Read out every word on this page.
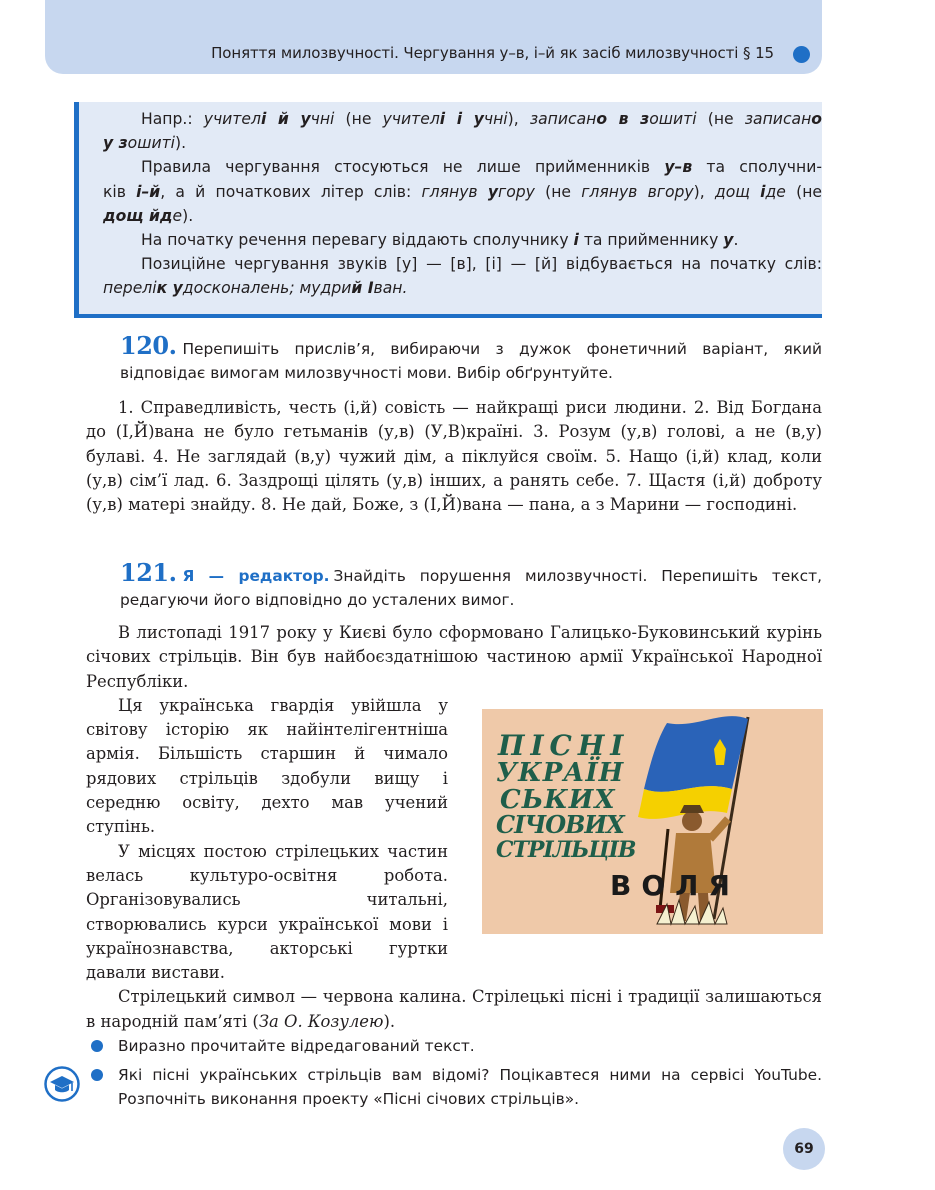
Поняття милозвучності. Чергування у–в, і–й як засіб милозвучності § 15

Напр.: учителі й учні (не учителі і учні), записано в зошиті (не записано

у зошиті).

Правила чергування стосуються не лише прийменників у–в та сполучни-

ків і–й, а й початкових літер слів: глянув угору (не глянув вгору), дощ іде (не

дощ йде).

На початку речення перевагу віддають сполучнику і та прийменнику у.

Позиційне чергування звуків [у] — [в], [і] — [й] відбувається на початку слів:

перелік удосконалень; мудрий Іван.

120. Перепишіть прислів’я, вибираючи з дужок фонетичний варіант, який відповідає вимогам милозвучності мови. Вибір обґрунтуйте.

1. Справедливість, честь (і,й) совість — найкращі риси людини. 2. Від Богдана до (І,Й)вана не було гетьманів (у,в) (У,В)країні. 3. Розум (у,в) голові, а не (в,у) булаві. 4. Не заглядай (в,у) чужий дім, а піклуйся своїм. 5. Нащо (і,й) клад, коли (у,в) сім’ї лад. 6. Заздрощі цілять (у,в) інших, а ранять себе. 7. Щастя (і,й) доброту (у,в) матері знайду. 8. Не дай, Боже, з (І,Й)вана — пана, а з Марини — господині.

121. Я — редактор. Знайдіть порушення милозвучності. Перепишіть текст, редагуючи його відповідно до усталених вимог.

В листопаді 1917 року у Києві було сформовано Галицько-Буковинський курінь січових стрільців. Він був найбоєздатнішою частиною армії Української Народної Республіки.

Ця українська гвардія увійшла у світову історію як найінтелігентніша армія. Більшість старшин й чимало рядових стрільців здобули вищу і середню освіту, дехто мав учений ступінь.

У місцях постою стрілецьких частин велась культуро-освітня робота. Організовувались читальні, створювались курси української мови і українознавства, акторські гуртки давали вистави.

Стрілецький символ — червона калина. Стрілецькі пісні і традиції залишаються в народній пам’яті (За О. Козулею).

ПІСНІ
УКРАЇН
СЬКИХ
СІЧОВИХ
СТРІЛЬЦІВ
ВОЛЯ
Виразно прочитайте відредагований текст.
Які пісні українських стрільців вам відомі? Поцікавтеся ними на сервісі YouTube. Розпочніть виконання проекту «Пісні січових стрільців».
69
